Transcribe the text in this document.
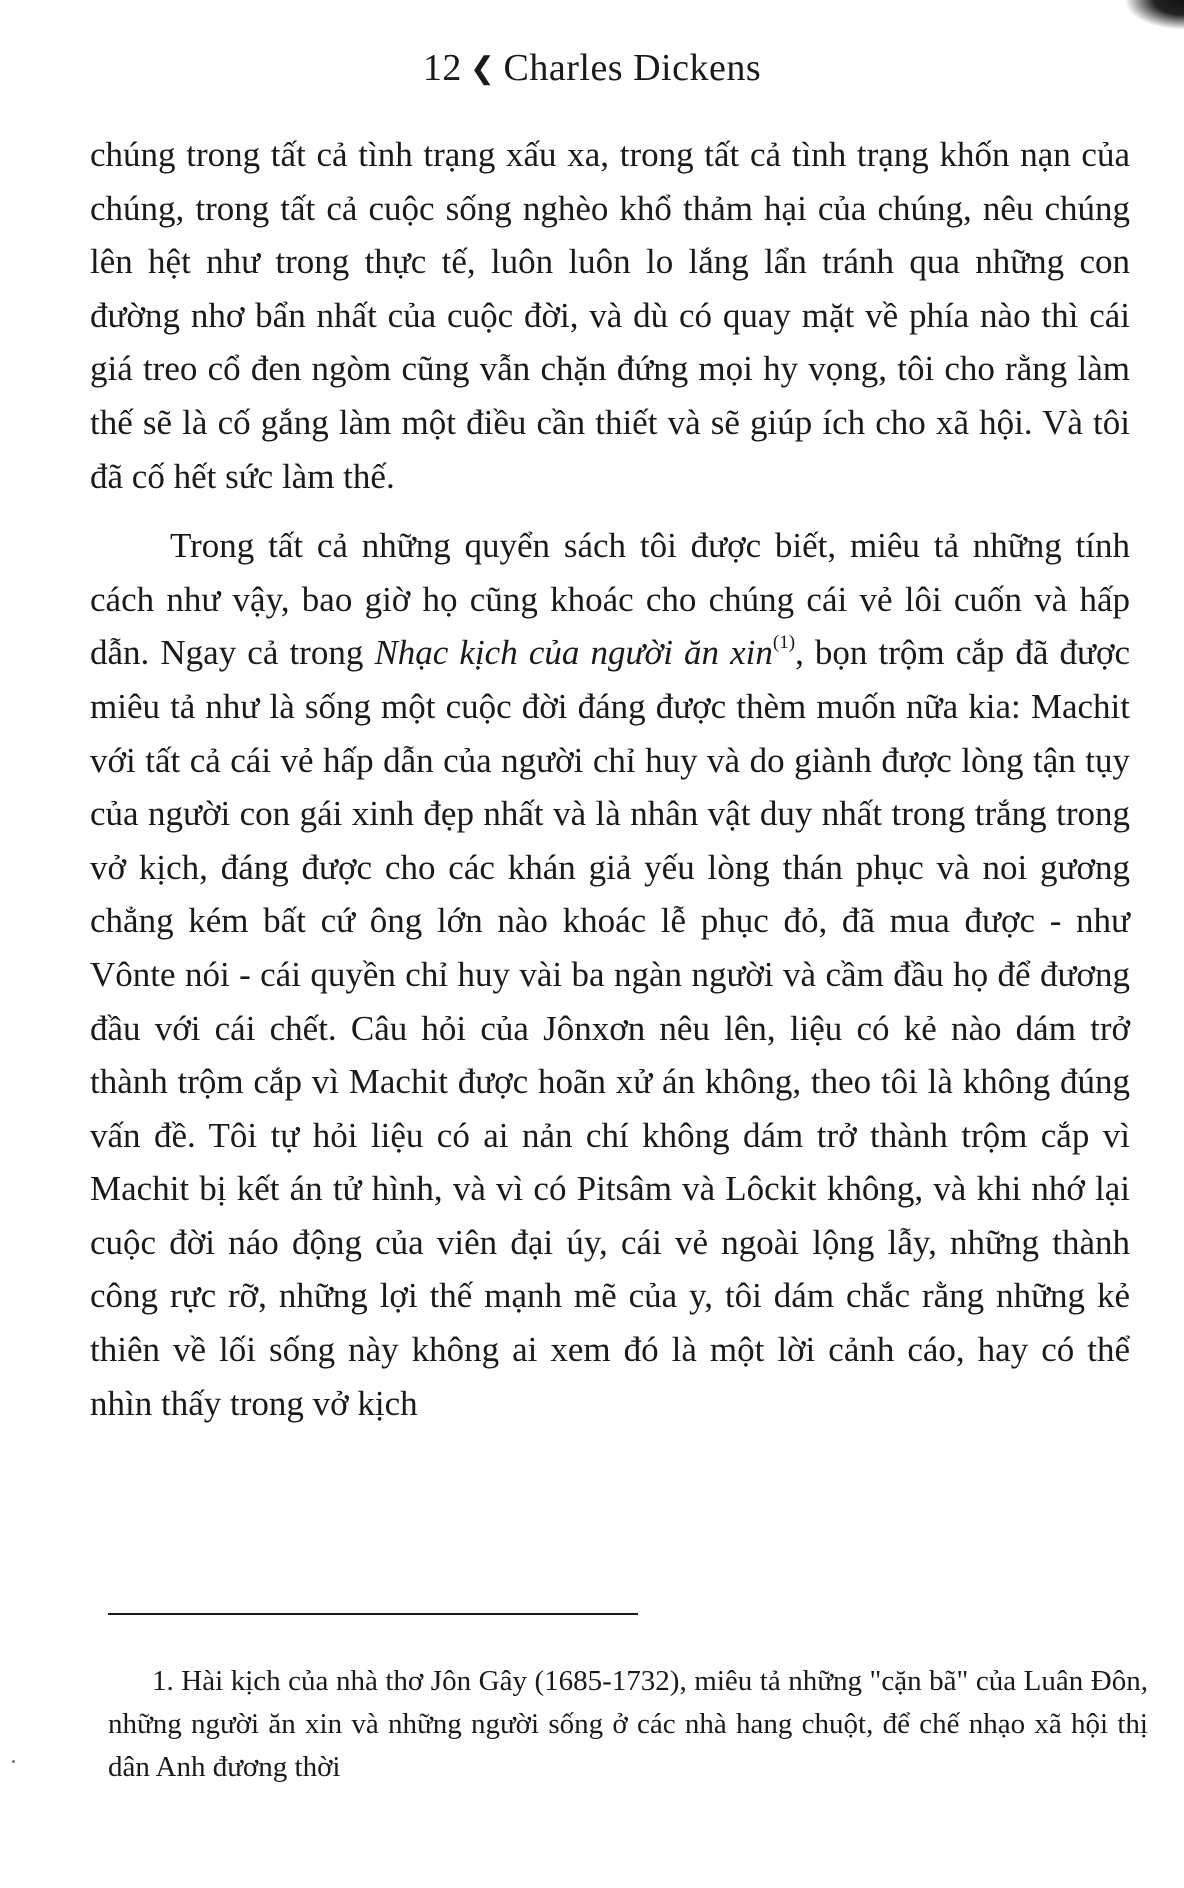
12 ❮ Charles Dickens

chúng trong tất cả tình trạng xấu xa, trong tất cả tình trạng khốn nạn của chúng, trong tất cả cuộc sống nghèo khổ thảm hại của chúng, nêu chúng lên hệt như trong thực tế, luôn luôn lo lắng lẩn tránh qua những con đường nhơ bẩn nhất của cuộc đời, và dù có quay mặt về phía nào thì cái giá treo cổ đen ngòm cũng vẫn chặn đứng mọi hy vọng, tôi cho rằng làm thế sẽ là cố gắng làm một điều cần thiết và sẽ giúp ích cho xã hội. Và tôi đã cố hết sức làm thế.

Trong tất cả những quyển sách tôi được biết, miêu tả những tính cách như vậy, bao giờ họ cũng khoác cho chúng cái vẻ lôi cuốn và hấp dẫn. Ngay cả trong Nhạc kịch của người ăn xin$^{(1)}$, bọn trộm cắp đã được miêu tả như là sống một cuộc đời đáng được thèm muốn nữa kia: Machit với tất cả cái vẻ hấp dẫn của người chỉ huy và do giành được lòng tận tụy của người con gái xinh đẹp nhất và là nhân vật duy nhất trong trắng trong vở kịch, đáng được cho các khán giả yếu lòng thán phục và noi gương chẳng kém bất cứ ông lớn nào khoác lễ phục đỏ, đã mua được - như Vônte nói - cái quyền chỉ huy vài ba ngàn người và cầm đầu họ để đương đầu với cái chết. Câu hỏi của Jônxơn nêu lên, liệu có kẻ nào dám trở thành trộm cắp vì Machit được hoãn xử án không, theo tôi là không đúng vấn đề. Tôi tự hỏi liệu có ai nản chí không dám trở thành trộm cắp vì Machit bị kết án tử hình, và vì có Pitsâm và Lôckit không, và khi nhớ lại cuộc đời náo động của viên đại úy, cái vẻ ngoài lộng lẫy, những thành công rực rỡ, những lợi thế mạnh mẽ của y, tôi dám chắc rằng những kẻ thiên về lối sống này không ai xem đó là một lời cảnh cáo, hay có thể nhìn thấy trong vở kịch

1. Hài kịch của nhà thơ Jôn Gây (1685-1732), miêu tả những "cặn bã" của Luân Đôn, những người ăn xin và những người sống ở các nhà hang chuột, để chế nhạo xã hội thị dân Anh đương thời
